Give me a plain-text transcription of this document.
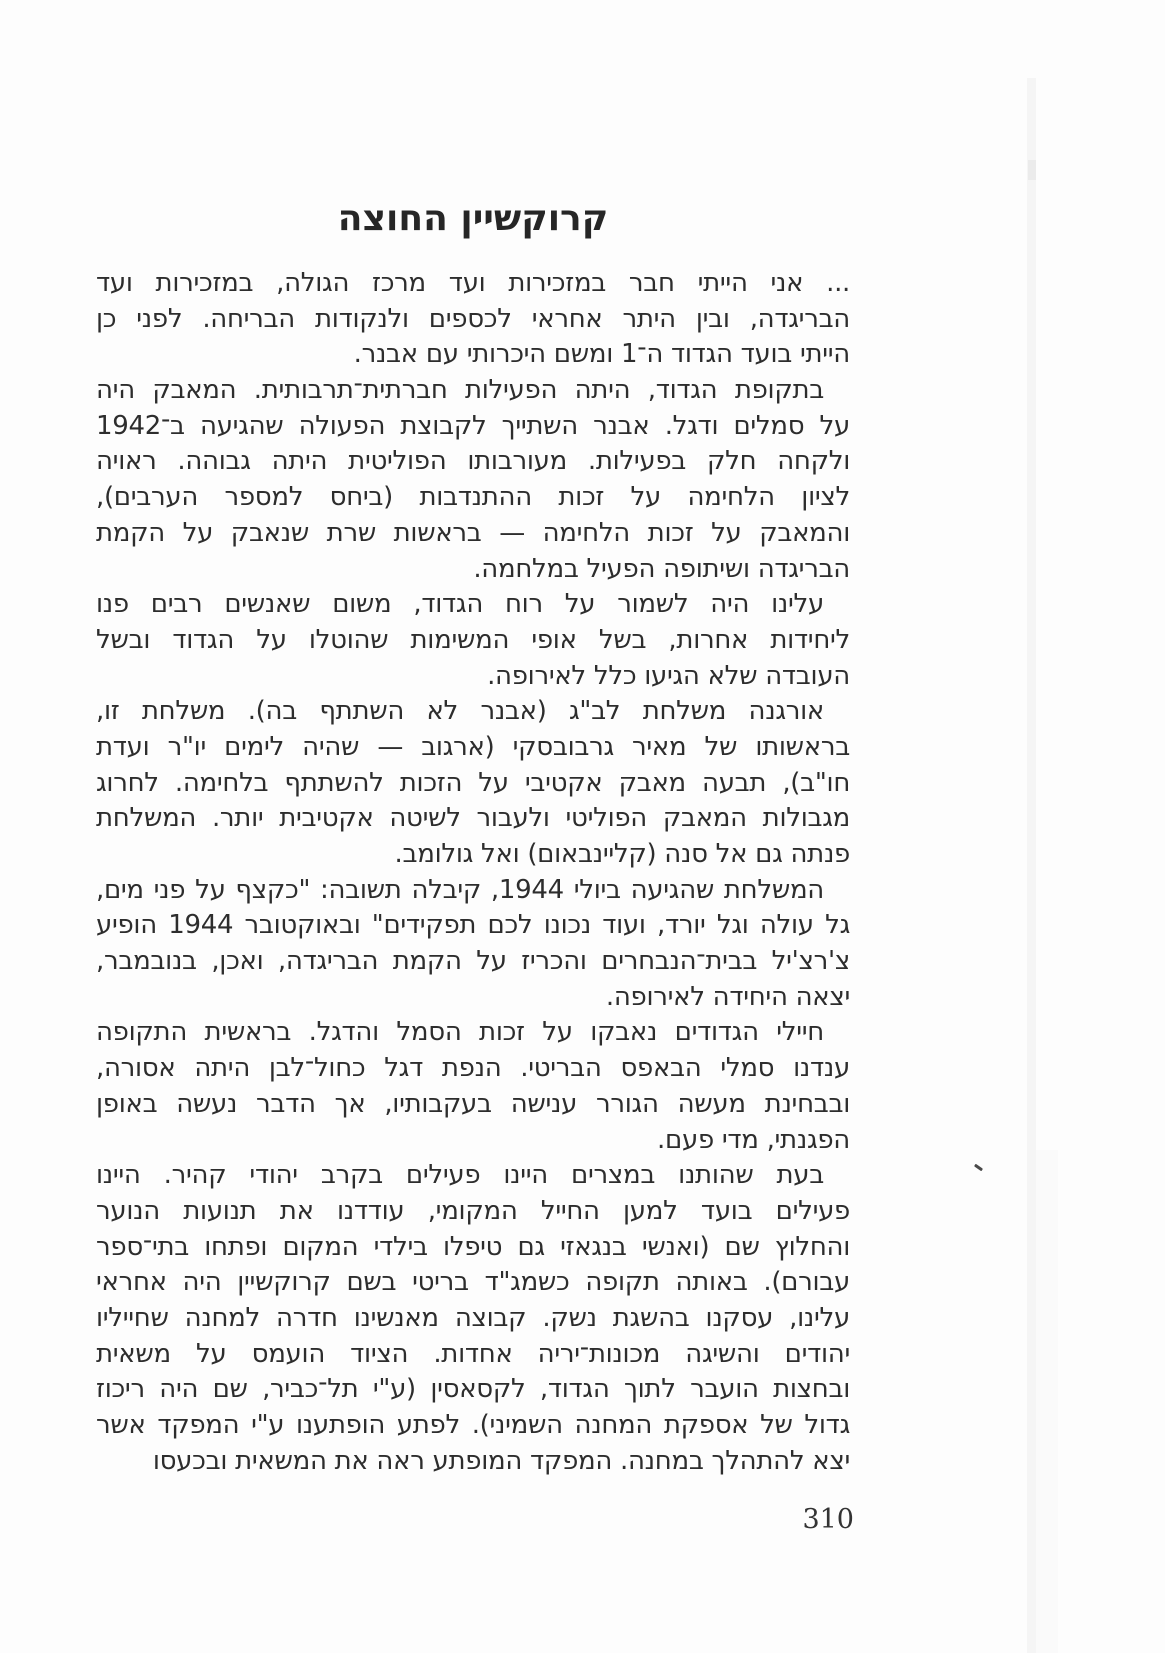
קרוקשיין החוצה
... אני הייתי חבר במזכירות ועד מרכז הגולה, במזכירות ועד
הבריגדה, ובין היתר אחראי לכספים ולנקודות הבריחה. לפני כן
הייתי בועד הגדוד ה־1 ומשם היכרותי עם אבנר.
בתקופת הגדוד, היתה הפעילות חברתית־תרבותית. המאבק היה
על סמלים ודגל. אבנר השתייך לקבוצת הפעולה שהגיעה ב־1942
ולקחה חלק בפעילות. מעורבותו הפוליטית היתה גבוהה. ראויה
לציון הלחימה על זכות ההתנדבות (ביחס למספר הערבים),
והמאבק על זכות הלחימה — בראשות שרת שנאבק על הקמת
הבריגדה ושיתופה הפעיל במלחמה.
עלינו היה לשמור על רוח הגדוד, משום שאנשים רבים פנו
ליחידות אחרות, בשל אופי המשימות שהוטלו על הגדוד ובשל
העובדה שלא הגיעו כלל לאירופה.
אורגנה משלחת לב"ג (אבנר לא השתתף בה). משלחת זו,
בראשותו של מאיר גרבובסקי (ארגוב — שהיה לימים יו"ר ועדת
חו"ב), תבעה מאבק אקטיבי על הזכות להשתתף בלחימה. לחרוג
מגבולות המאבק הפוליטי ולעבור לשיטה אקטיבית יותר. המשלחת
פנתה גם אל סנה (קליינבאום) ואל גולומב.
המשלחת שהגיעה ביולי 1944, קיבלה תשובה: "כקצף על פני מים,
גל עולה וגל יורד, ועוד נכונו לכם תפקידים" ובאוקטובר 1944 הופיע
צ'רצ'יל בבית־הנבחרים והכריז על הקמת הבריגדה, ואכן, בנובמבר,
יצאה היחידה לאירופה.
חיילי הגדודים נאבקו על זכות הסמל והדגל. בראשית התקופה
ענדנו סמלי הבאפס הבריטי. הנפת דגל כחול־לבן היתה אסורה,
ובבחינת מעשה הגורר ענישה בעקבותיו, אך הדבר נעשה באופן
הפגנתי, מדי פעם.
בעת שהותנו במצרים היינו פעילים בקרב יהודי קהיר. היינו
פעילים בועד למען החייל המקומי, עודדנו את תנועות הנוער
והחלוץ שם (ואנשי בנגאזי גם טיפלו בילדי המקום ופתחו בתי־ספר
עבורם). באותה תקופה כשמג"ד בריטי בשם קרוקשיין היה אחראי
עלינו, עסקנו בהשגת נשק. קבוצה מאנשינו חדרה למחנה שחייליו
יהודים והשיגה מכונות־יריה אחדות. הציוד הועמס על משאית
ובחצות הועבר לתוך הגדוד, לקסאסין (ע"י תל־כביר, שם היה ריכוז
גדול של אספקת המחנה השמיני). לפתע הופתענו ע"י המפקד אשר
יצא להתהלך במחנה. המפקד המופתע ראה את המשאית ובכעסו
310
